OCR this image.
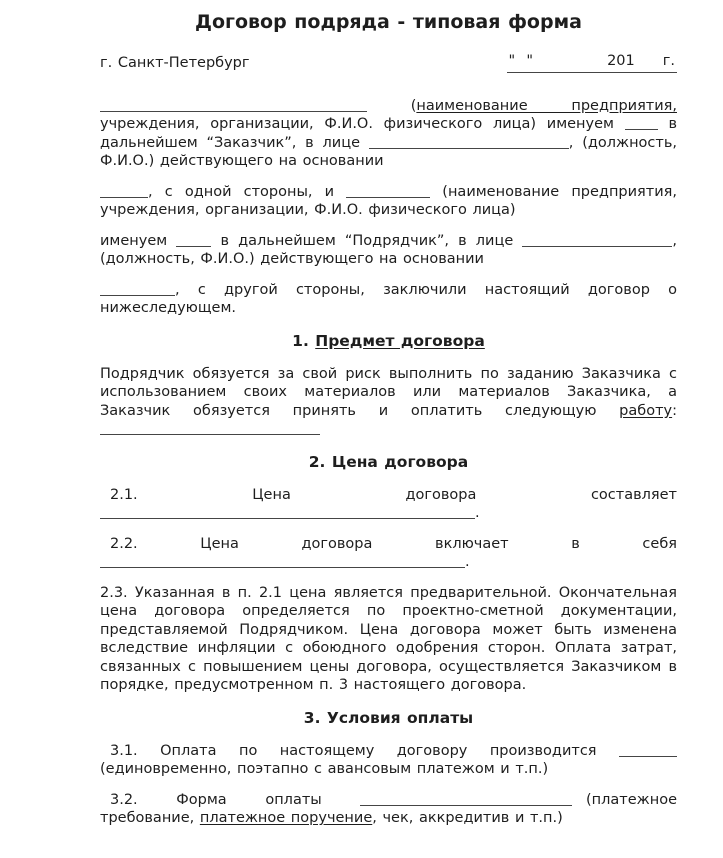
Договор подряда - типовая форма
г. Санкт-Петербург	"  "	201 г.
(наименование предприятия, учреждения, организации, Ф.И.О. физического лица) именуем  в дальнейшем “Заказчик”, в лице	, (должность, Ф.И.О.) действующего на основании
, с одной стороны, и	(наименование предприятия, учреждения, организации, Ф.И.О. физического лица)
именуем  в дальнейшем “Подрядчик”, в лице	, (должность, Ф.И.О.) действующего на основании
, с другой стороны, заключили настоящий договор о нижеследующем.
1. Предмет договора
Подрядчик обязуется за свой риск выполнить по заданию Заказчика с использованием своих материалов или материалов Заказчика, а Заказчик обязуется принять и оплатить следующую работу:
2. Цена договора
2.1. Цена договора составляет .
2.2. Цена договора включает в себя .
2.3. Указанная в п. 2.1 цена является предварительной. Окончательная цена договора определяется по проектно-сметной документации, представляемой Подрядчиком. Цена договора может быть изменена вследствие инфляции с обоюдного одобрения сторон. Оплата затрат, связанных с повышением цены договора, осуществляется Заказчиком в порядке, предусмотренном п. 3 настоящего договора.
3. Условия оплаты
3.1. Оплата по настоящему договору производится  (единовременно, поэтапно с авансовым платежом и т.п.)
3.2. Форма оплаты	(платежное требование, платежное поручение, чек, аккредитив и т.п.)
